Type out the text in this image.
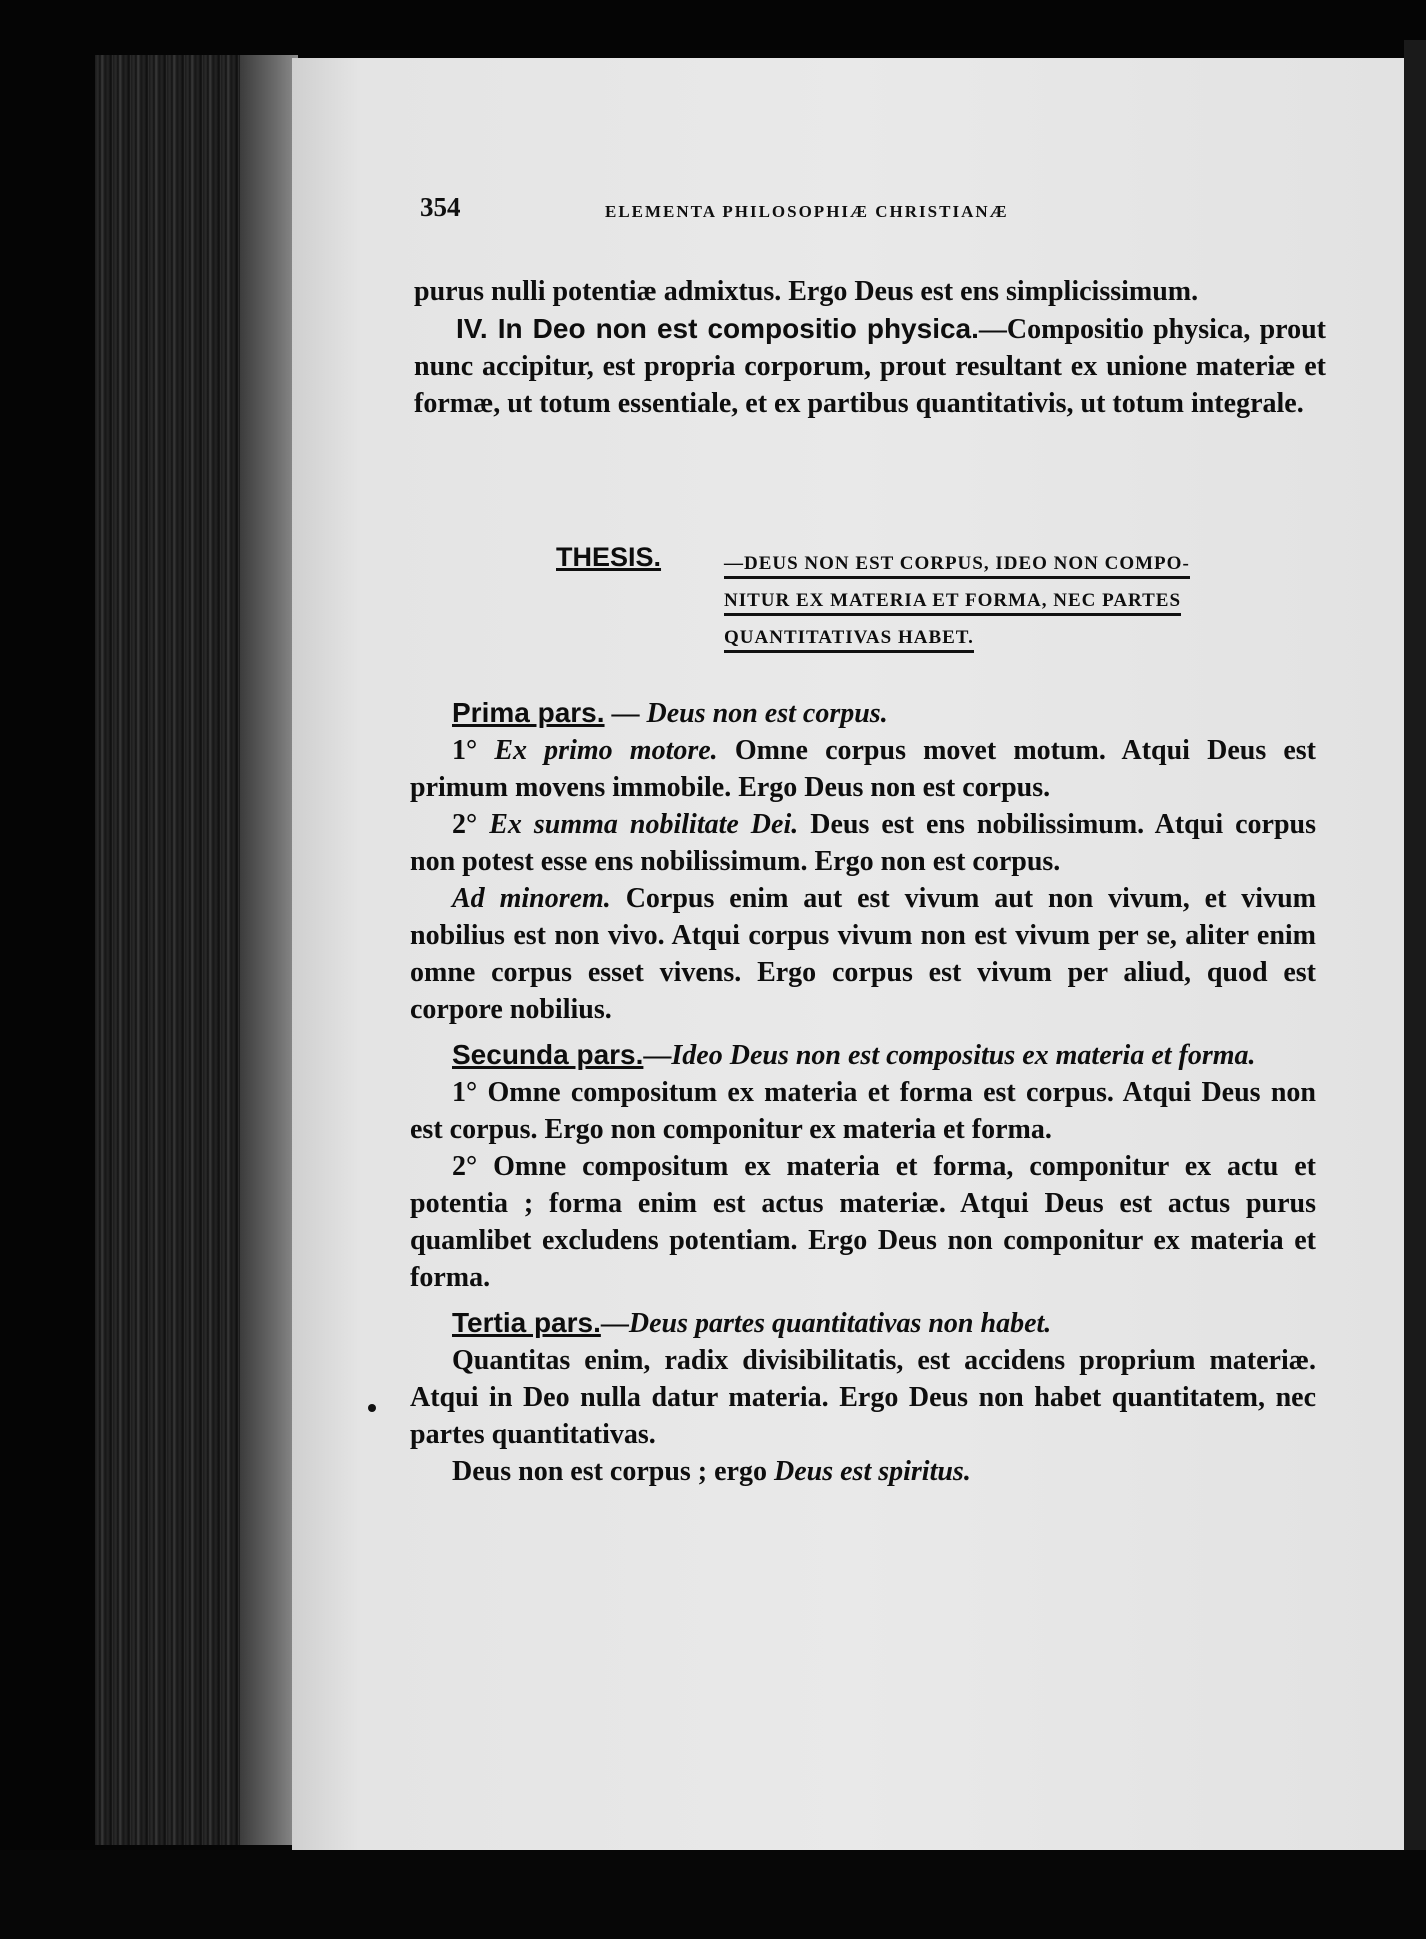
354	ELEMENTA PHILOSOPHIÆ CHRISTIANÆ

purus nulli potentiæ admixtus. Ergo Deus est ens simplicissimum.

IV. In Deo non est compositio physica.—Compositio physica, prout nunc accipitur, est propria corporum, prout resultant ex unione materiæ et formæ, ut totum essentiale, et ex partibus quantitativis, ut totum integrale.

THESIS.	—DEUS NON EST CORPUS, IDEO NON COMPO-
NITUR EX MATERIA ET FORMA, NEC PARTES
QUANTITATIVAS HABET.

Prima pars. — Deus non est corpus.

1° Ex primo motore. Omne corpus movet motum. Atqui Deus est primum movens immobile. Ergo Deus non est corpus.

2° Ex summa nobilitate Dei. Deus est ens nobilissimum. Atqui corpus non potest esse ens nobilissimum. Ergo non est corpus.

Ad minorem. Corpus enim aut est vivum aut non vivum, et vivum nobilius est non vivo. Atqui corpus vivum non est vivum per se, aliter enim omne corpus esset vivens. Ergo corpus est vivum per aliud, quod est corpore nobilius.

Secunda pars.—Ideo Deus non est compositus ex materia et forma.

1° Omne compositum ex materia et forma est corpus. Atqui Deus non est corpus. Ergo non componitur ex materia et forma.

2° Omne compositum ex materia et forma, componitur ex actu et potentia ; forma enim est actus materiæ. Atqui Deus est actus purus quamlibet excludens potentiam. Ergo Deus non componitur ex materia et forma.

Tertia pars.—Deus partes quantitativas non habet.

Quantitas enim, radix divisibilitatis, est accidens proprium materiæ. Atqui in Deo nulla datur materia. Ergo Deus non habet quantitatem, nec partes quantitativas.

Deus non est corpus ; ergo Deus est spiritus.
